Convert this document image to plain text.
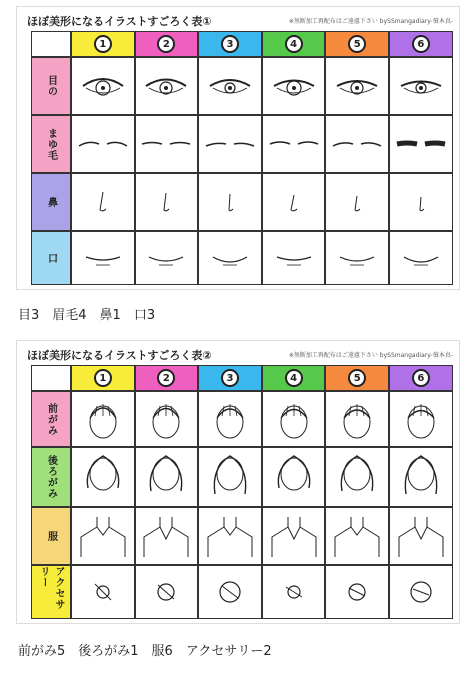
ほぼ美形になるイラストすごろく表①	※無断加工再配布はご遠慮下さい bySSmangadiary-憤本真-
1	2	3	4	5	6
目の
まゆ毛
鼻
口
目3　眉毛4　鼻1　口3
ほぼ美形になるイラストすごろく表②	※無断加工再配布はご遠慮下さい bySSmangadiary-憤本真-
1	2	3	4	5	6
前がみ
後ろがみ
服
アクセサリー
前がみ5　後ろがみ1　服6　アクセサリー2
